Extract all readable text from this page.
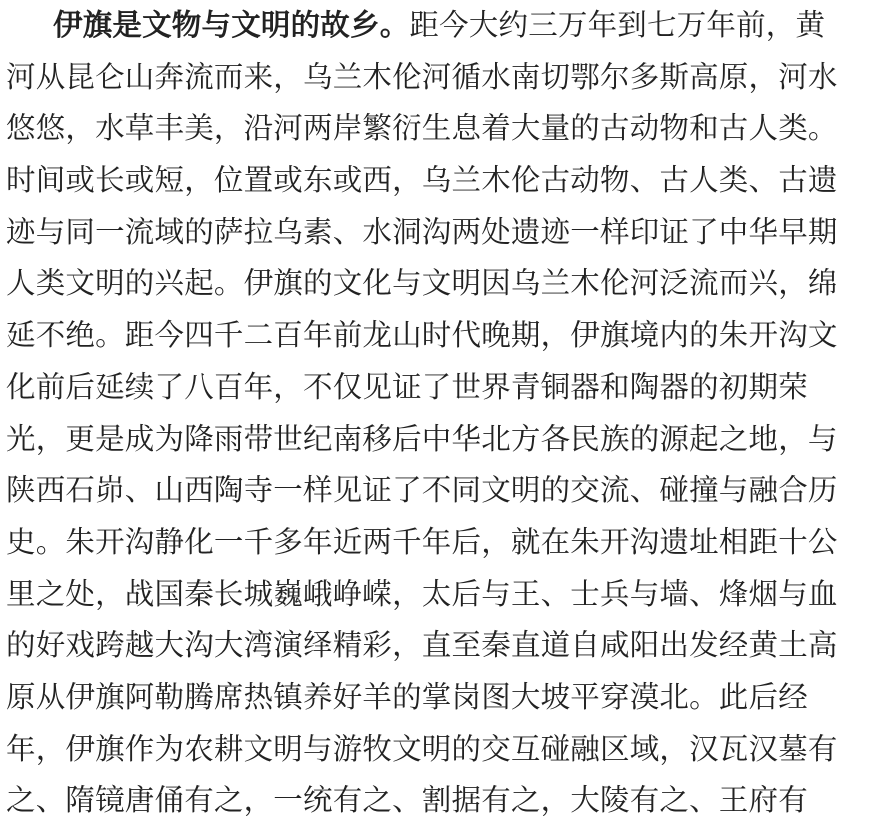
伊旗是文物与文明的故乡。距今大约三万年到七万年前，黄
河从昆仑山奔流而来，乌兰木伦河循水南切鄂尔多斯高原，河水
悠悠，水草丰美，沿河两岸繁衍生息着大量的古动物和古人类。
时间或长或短，位置或东或西，乌兰木伦古动物、古人类、古遗
迹与同一流域的萨拉乌素、水洞沟两处遗迹一样印证了中华早期
人类文明的兴起。伊旗的文化与文明因乌兰木伦河泛流而兴，绵
延不绝。距今四千二百年前龙山时代晚期，伊旗境内的朱开沟文
化前后延续了八百年，不仅见证了世界青铜器和陶器的初期荣
光，更是成为降雨带世纪南移后中华北方各民族的源起之地，与
陕西石峁、山西陶寺一样见证了不同文明的交流、碰撞与融合历
史。朱开沟静化一千多年近两千年后，就在朱开沟遗址相距十公
里之处，战国秦长城巍峨峥嵘，太后与王、士兵与墙、烽烟与血
的好戏跨越大沟大湾演绎精彩，直至秦直道自咸阳出发经黄土高
原从伊旗阿勒腾席热镇养好羊的掌岗图大坡平穿漠北。此后经
年，伊旗作为农耕文明与游牧文明的交互碰融区域，汉瓦汉墓有
之、隋镜唐俑有之，一统有之、割据有之，大陵有之、王府有
